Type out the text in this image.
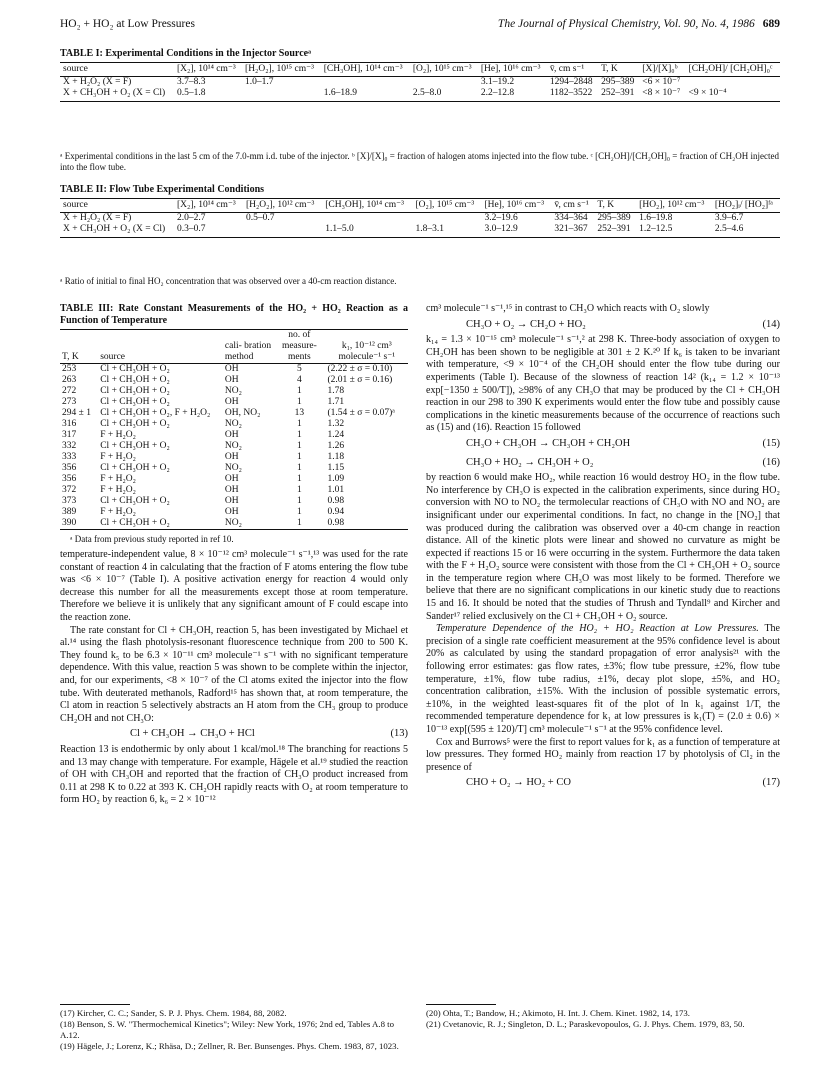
HO₂ + HO₂ at Low Pressures	The Journal of Physical Chemistry, Vol. 90, No. 4, 1986 689
TABLE I: Experimental Conditions in the Injector Sourceᵃ
source	[X₂], 10¹⁴ cm⁻³	[H₂O₂], 10¹⁵ cm⁻³	[CH₃OH], 10¹⁴ cm⁻³	[O₂], 10¹⁵ cm⁻³	[He], 10¹⁶ cm⁻³	v̄, cm s⁻¹	T, K	[X]/[X]₀ᵇ	[CH₂OH]/ [CH₂OH]₀ᶜ
X + H₂O₂ (X = F)	3.7–8.3	1.0–1.7			3.1–19.2	1294–2848	295–389	<6 × 10⁻⁷	
X + CH₃OH + O₂ (X = Cl)	0.5–1.8		1.6–18.9	2.5–8.0	2.2–12.8	1182–3522	252–391	<8 × 10⁻⁷	<9 × 10⁻⁴
ᵃ Experimental conditions in the last 5 cm of the 7.0-mm i.d. tube of the injector. ᵇ [X]/[X]₀ = fraction of halogen atoms injected into the flow tube. ᶜ [CH₂OH]/[CH₂OH]₀ = fraction of CH₂OH injected into the flow tube.
TABLE II: Flow Tube Experimental Conditions
source	[X₂], 10¹⁴ cm⁻³	[H₂O₂], 10¹² cm⁻³	[CH₃OH], 10¹⁴ cm⁻³	[O₂], 10¹⁵ cm⁻³	[He], 10¹⁶ cm⁻³	v̄, cm s⁻¹	T, K	[HO₂], 10¹² cm⁻³	[HO₂]ᵢ/ [HO₂]ᶠᵃ
X + H₂O₂ (X = F)	2.0–2.7	0.5–0.7			3.2–19.6	334–364	295–389	1.6–19.8	3.9–6.7
X + CH₃OH + O₂ (X = Cl)	0.3–0.7		1.1–5.0	1.8–3.1	3.0–12.9	321–367	252–391	1.2–12.5	2.5–4.6
ᵃ Ratio of initial to final HO₂ concentration that was observed over a 40-cm reaction distance.
TABLE III: Rate Constant Measurements of the HO₂ + HO₂ Reaction as a Function of Temperature
T, K	source	cali- bration method	no. of measure- ments	k₁, 10⁻¹² cm³ molecule⁻¹ s⁻¹
253	Cl + CH₃OH + O₂	OH	5	(2.22 ± σ = 0.10)
263	Cl + CH₃OH + O₂	OH	4	(2.01 ± σ = 0.16)
272	Cl + CH₃OH + O₂	NO₂	1	1.78
273	Cl + CH₃OH + O₂	OH	1	1.71
294 ± 1	Cl + CH₃OH + O₂, F + H₂O₂	OH, NO₂	13	(1.54 ± σ = 0.07)ᵃ
316	Cl + CH₃OH + O₂	NO₂	1	1.32
317	F + H₂O₂	OH	1	1.24
332	Cl + CH₃OH + O₂	NO₂	1	1.26
333	F + H₂O₂	OH	1	1.18
356	Cl + CH₃OH + O₂	NO₂	1	1.15
356	F + H₂O₂	OH	1	1.09
372	F + H₂O₂	OH	1	1.01
373	Cl + CH₃OH + O₂	OH	1	0.98
389	F + H₂O₂	OH	1	0.94
390	Cl + CH₃OH + O₂	NO₂	1	0.98
ᵃ Data from previous study reported in ref 10.

temperature-independent value, 8 × 10⁻¹² cm³ molecule⁻¹ s⁻¹,¹³ was used for the rate constant of reaction 4 in calculating that the fraction of F atoms entering the flow tube was <6 × 10⁻⁷ (Table I). A positive activation energy for reaction 4 would only decrease this number for all the measurements except those at room temperature. Therefore we believe it is unlikely that any significant amount of F could escape into the reaction zone.

The rate constant for Cl + CH₃OH, reaction 5, has been investigated by Michael et al.¹⁴ using the flash photolysis-resonant fluorescence technique from 200 to 500 K. They found k₅ to be 6.3 × 10⁻¹¹ cm³ molecule⁻¹ s⁻¹ with no significant temperature dependence. With this value, reaction 5 was shown to be complete within the injector, and, for our experiments, <8 × 10⁻⁷ of the Cl atoms exited the injector into the flow tube. With deuterated methanols, Radford¹⁵ has shown that, at room temperature, the Cl atom in reaction 5 selectively abstracts an H atom from the CH₃ group to produce CH₂OH and not CH₃O:

Cl + CH₃OH → CH₃O + HCl	(13)

Reaction 13 is endothermic by only about 1 kcal/mol.¹⁸ The branching for reactions 5 and 13 may change with temperature. For example, Hägele et al.¹⁹ studied the reaction of OH with CH₃OH and reported that the fraction of CH₃O product increased from 0.11 at 298 K to 0.22 at 393 K. CH₂OH rapidly reacts with O₂ at room temperature to form HO₂ by reaction 6, k₆ = 2 × 10⁻¹²

cm³ molecule⁻¹ s⁻¹,¹⁵ in contrast to CH₃O which reacts with O₂ slowly

CH₃O + O₂ → CH₂O + HO₂	(14)

k₁₄ = 1.3 × 10⁻¹⁵ cm³ molecule⁻¹ s⁻¹,² at 298 K. Three-body association of oxygen to CH₂OH has been shown to be negligible at 301 ± 2 K.²⁰ If k₆ is taken to be invariant with temperature, <9 × 10⁻⁴ of the CH₂OH should enter the flow tube during our experiments (Table I). Because of the slowness of reaction 14² (k₁₄ = 1.2 × 10⁻¹³ exp[−1350 ± 500/T]), ≥98% of any CH₃O that may be produced by the Cl + CH₃OH reaction in our 298 to 390 K experiments would enter the flow tube and possibly cause complications in the kinetic measurements because of the occurrence of reactions such as (15) and (16). Reaction 15 followed

CH₃O + CH₃OH → CH₃OH + CH₂OH	(15)
CH₃O + HO₂ → CH₃OH + O₂	(16)

by reaction 6 would make HO₂, while reaction 16 would destroy HO₂ in the flow tube. No interference by CH₃O is expected in the calibration experiments, since during HO₂ conversion with NO to NO₂ the termolecular reactions of CH₃O with NO and NO₂ are insignificant under our experimental conditions. In fact, no change in the [NO₂] that was produced during the calibration was observed over a 40-cm change in reaction distance. All of the kinetic plots were linear and showed no curvature as might be expected if reactions 15 or 16 were occurring in the system. Furthermore the data taken with the F + H₂O₂ source were consistent with those from the Cl + CH₃OH + O₂ source in the temperature region where CH₃O was most likely to be formed. Therefore we believe that there are no significant complications in our kinetic study due to reactions 15 and 16. It should be noted that the studies of Thrush and Tyndall⁹ and Kircher and Sander¹⁷ relied exclusively on the Cl + CH₃OH + O₂ source.

Temperature Dependence of the HO₂ + HO₂ Reaction at Low Pressures. The precision of a single rate coefficient measurement at the 95% confidence level is about 20% as calculated by using the standard propagation of error analysis²¹ with the following error estimates: gas flow rates, ±3%; flow tube pressure, ±2%, flow tube temperature, ±1%, flow tube radius, ±1%, decay plot slope, ±5%, and HO₂ concentration calibration, ±15%. With the inclusion of possible systematic errors, ±10%, in the weighted least-squares fit of the plot of ln k₁ against 1/T, the recommended temperature dependence for k₁ at low pressures is k₁(T) = (2.0 ± 0.6) × 10⁻¹³ exp[(595 ± 120)/T] cm³ molecule⁻¹ s⁻¹ at the 95% confidence level.

Cox and Burrows⁵ were the first to report values for k₁ as a function of temperature at low pressures. They formed HO₂ mainly from reaction 17 by photolysis of Cl₂ in the presence of

CHO + O₂ → HO₂ + CO	(17)

(17) Kircher, C. C.; Sander, S. P. J. Phys. Chem. 1984, 88, 2082.

(18) Benson, S. W. "Thermochemical Kinetics"; Wiley: New York, 1976; 2nd ed, Tables A.8 to A.12.

(19) Hägele, J.; Lorenz, K.; Rhäsa, D.; Zellner, R. Ber. Bunsenges. Phys. Chem. 1983, 87, 1023.

(20) Ohta, T.; Bandow, H.; Akimoto, H. Int. J. Chem. Kinet. 1982, 14, 173.

(21) Cvetanovic, R. J.; Singleton, D. L.; Paraskevopoulos, G. J. Phys. Chem. 1979, 83, 50.
